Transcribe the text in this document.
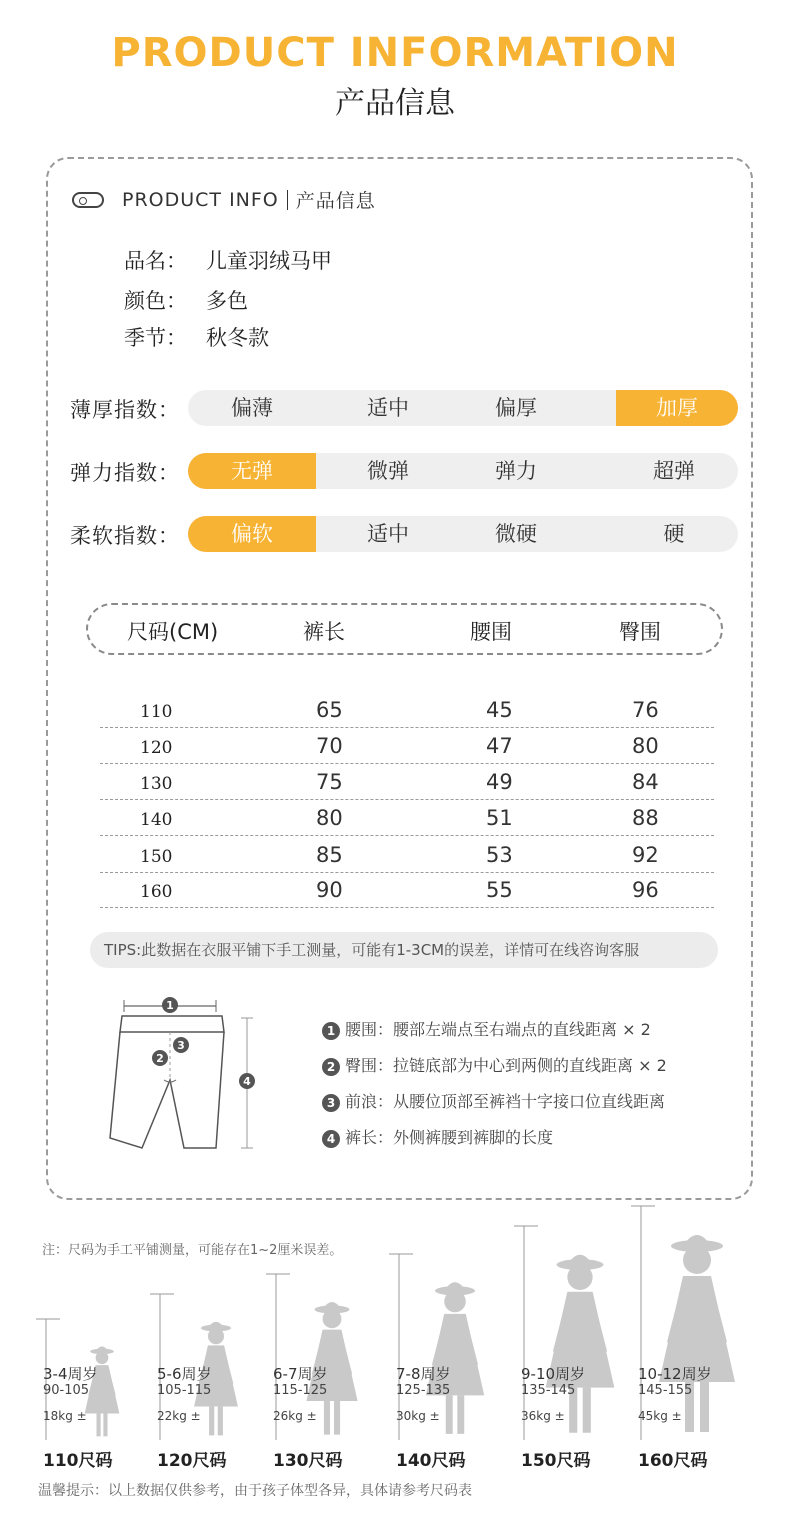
PRODUCT INFORMATION
产品信息
PRODUCT INFO 产品信息
品名： 儿童羽绒马甲
颜色： 多色
季节： 秋冬款
薄厚指数：	偏薄	适中	偏厚	加厚
弹力指数：	无弹	微弹	弹力	超弹
柔软指数：	偏软	适中	微硬	硬
尺码(CM)	裤长	腰围	臀围
110	65	45	76
120	70	47	80
130	75	49	84
140	80	51	88
150	85	53	92
160	90	55	96
TIPS:此数据在衣服平铺下手工测量，可能有1-3CM的误差，详情可在线咨询客服
1
2
3
4
1 腰围：腰部左端点至右端点的直线距离 × 2
2 臀围：拉链底部为中心到两侧的直线距离 × 2
3 前浪：从腰位顶部至裤裆十字接口位直线距离
4 裤长：外侧裤腰到裤脚的长度
注：尺码为手工平铺测量，可能存在1~2厘米误差。
3-4周岁
90-105
18kg ±
110尺码
5-6周岁
105-115
22kg ±
120尺码
6-7周岁
115-125
26kg ±
130尺码
7-8周岁
125-135
30kg ±
140尺码
9-10周岁
135-145
36kg ±
150尺码
10-12周岁
145-155
45kg ±
160尺码
温馨提示：以上数据仅供参考，由于孩子体型各异，具体请参考尺码表
